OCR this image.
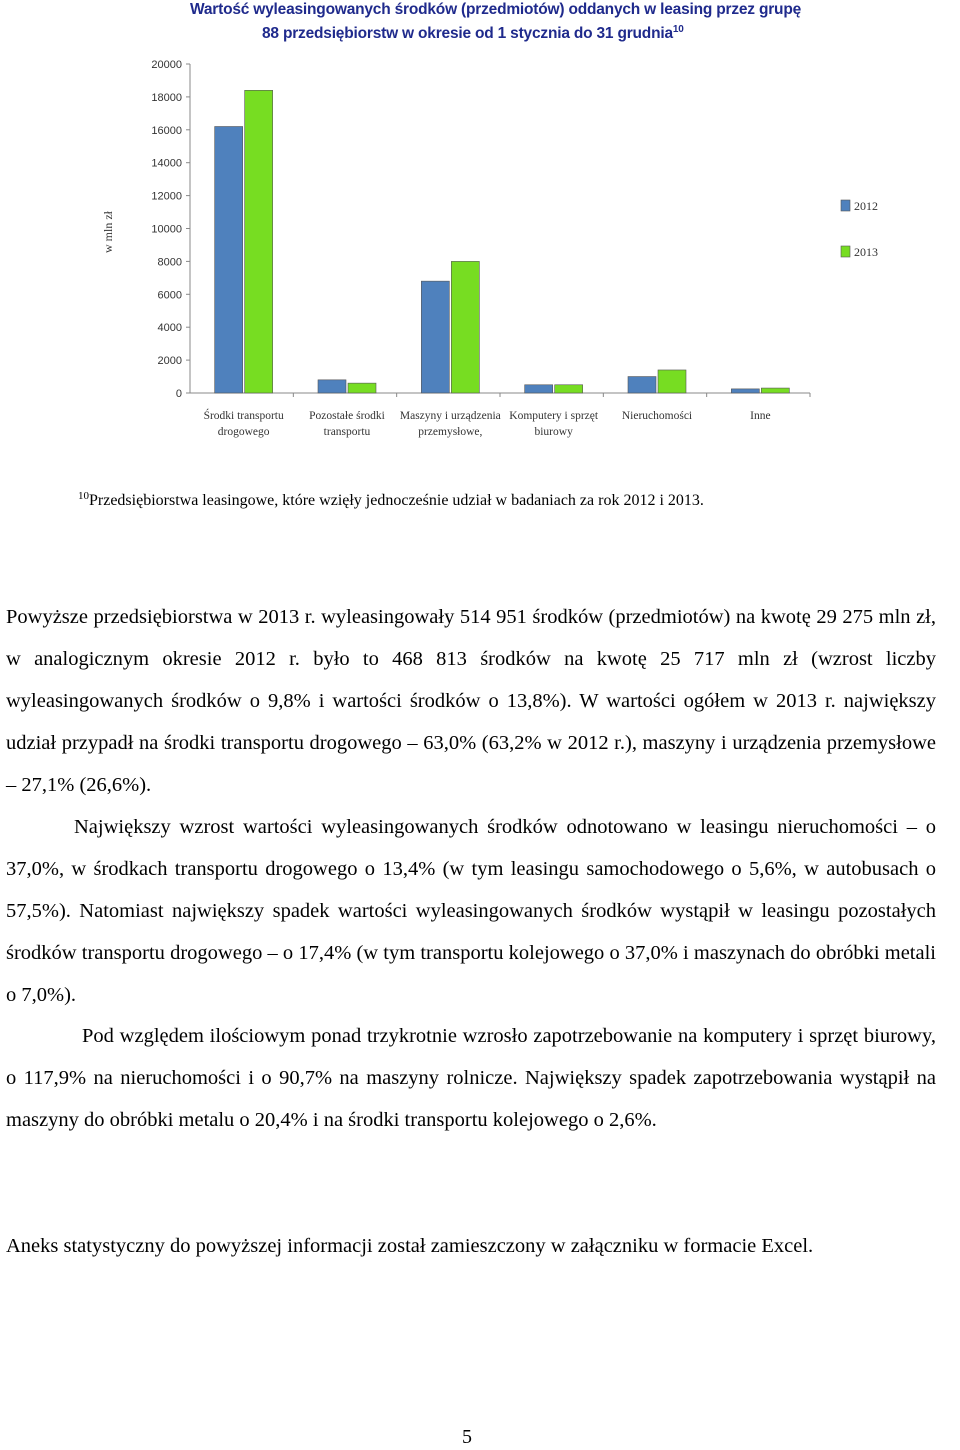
Wartość wyleasingowanych środków (przedmiotów) oddanych w leasing przez grupę
88 przedsiębiorstw w okresie od 1 stycznia do 31 grudnia$^{10}$
0
2000
4000
6000
8000
10000
12000
14000
16000
18000
20000
w mln zł
Środki transportu
drogowego
Pozostałe środki
transportu
Maszyny i urządzenia
przemysłowe,
Komputery i sprzęt
biurowy
Nieruchomości	Inne
2012
2013
$^{10}$Przedsiębiorstwa leasingowe, które wzięły jednocześnie udział w badaniach za rok 2012 i 2013.
Powyższe przedsiębiorstwa w 2013 r. wyleasingowały 514 951 środków (przedmiotów) na kwotę 29 275 mln zł, w analogicznym okresie 2012 r. było to 468 813 środków na kwotę 25 717 mln zł (wzrost liczby wyleasingowanych środków o 9,8% i wartości środków o 13,8%). W wartości ogółem w 2013 r. największy udział przypadł na środki transportu drogowego – 63,0% (63,2% w 2012 r.), maszyny i urządzenia przemysłowe – 27,1% (26,6%).
Największy wzrost wartości wyleasingowanych środków odnotowano w leasingu nieruchomości – o 37,0%, w środkach transportu drogowego o 13,4% (w tym leasingu samochodowego o 5,6%, w autobusach o 57,5%). Natomiast największy spadek wartości wyleasingowanych środków wystąpił w leasingu pozostałych środków transportu drogowego – o 17,4% (w tym transportu kolejowego o 37,0% i maszynach do obróbki metali o 7,0%).
Pod względem ilościowym ponad trzykrotnie wzrosło zapotrzebowanie na komputery i sprzęt biurowy, o 117,9% na nieruchomości i o 90,7% na maszyny rolnicze. Największy spadek zapotrzebowania wystąpił na maszyny do obróbki metalu o 20,4% i na środki transportu kolejowego o 2,6%.
Aneks statystyczny do powyższej informacji został zamieszczony w załączniku w formacie Excel.
5
